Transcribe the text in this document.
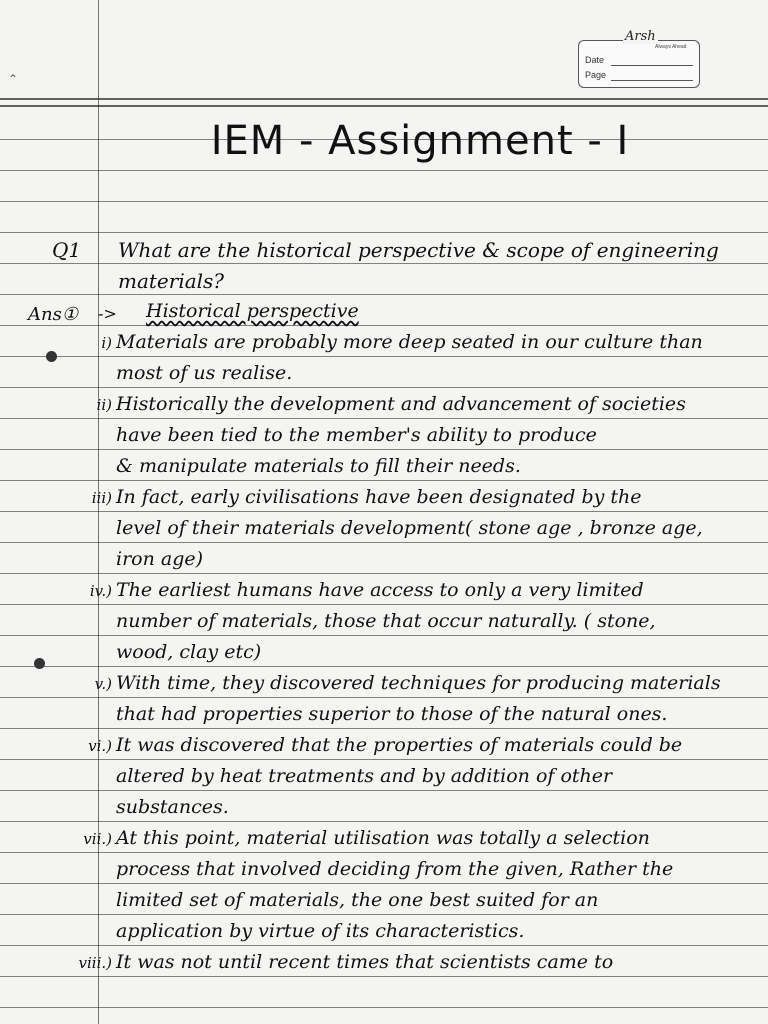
⌃
Arsh
Always Ahead
Date
Page
IEM - Assignment - I
Q1 What are the historical perspective & scope of engineering
materials?
Ans① -> Historical perspective
i) Materials are probably more deep seated in our culture than
most of us realise.
ii) Historically the development and advancement of societies
have been tied to the member's ability to produce
& manipulate materials to fill their needs.
iii) In fact, early civilisations have been designated by the
level of their materials development( stone age , bronze age,
iron age)
iv.) The earliest humans have access to only a very limited
number of materials, those that occur naturally. ( stone,
wood, clay etc)
v.) With time, they discovered techniques for producing materials
that had properties superior to those of the natural ones.
vi.) It was discovered that the properties of materials could be
altered by heat treatments and by addition of other
substances.
vii.) At this point, material utilisation was totally a selection
process that involved deciding from the given, Rather the
limited set of materials, the one best suited for an
application by virtue of its characteristics.
viii.) It was not until recent times that scientists came to
